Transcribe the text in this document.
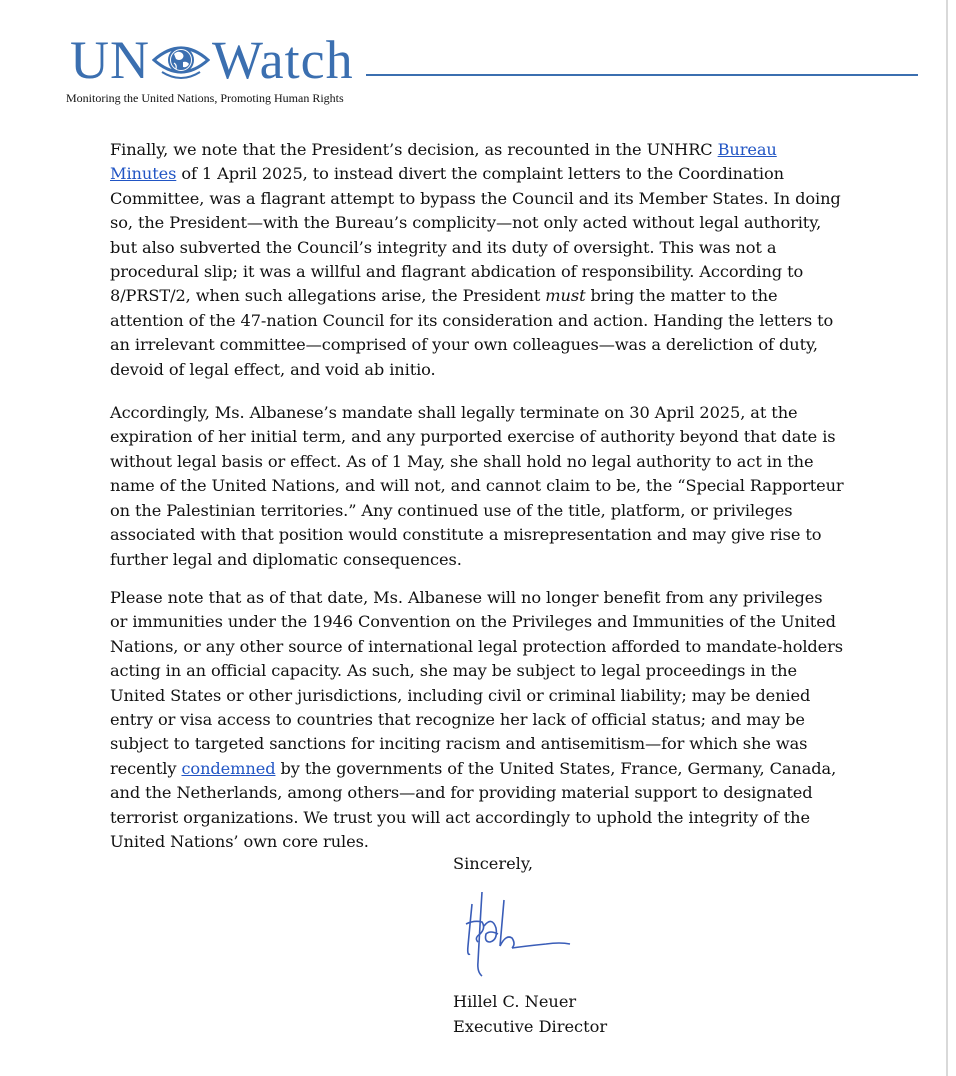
UN Watch
Monitoring the United Nations, Promoting Human Rights

Finally, we note that the President’s decision, as recounted in the UNHRC Bureau Minutes of 1 April 2025, to instead divert the complaint letters to the Coordination Committee, was a flagrant attempt to bypass the Council and its Member States. In doing so, the President—with the Bureau’s complicity—not only acted without legal authority, but also subverted the Council’s integrity and its duty of oversight. This was not a procedural slip; it was a willful and flagrant abdication of responsibility. According to 8/PRST/2, when such allegations arise, the President must bring the matter to the attention of the 47-nation Council for its consideration and action. Handing the letters to an irrelevant committee—comprised of your own colleagues—was a dereliction of duty, devoid of legal effect, and void ab initio.

Accordingly, Ms. Albanese’s mandate shall legally terminate on 30 April 2025, at the expiration of her initial term, and any purported exercise of authority beyond that date is without legal basis or effect. As of 1 May, she shall hold no legal authority to act in the name of the United Nations, and will not, and cannot claim to be, the “Special Rapporteur on the Palestinian territories.” Any continued use of the title, platform, or privileges associated with that position would constitute a misrepresentation and may give rise to further legal and diplomatic consequences.

Please note that as of that date, Ms. Albanese will no longer benefit from any privileges or immunities under the 1946 Convention on the Privileges and Immunities of the United Nations, or any other source of international legal protection afforded to mandate-holders acting in an official capacity. As such, she may be subject to legal proceedings in the United States or other jurisdictions, including civil or criminal liability; may be denied entry or visa access to countries that recognize her lack of official status; and may be subject to targeted sanctions for inciting racism and antisemitism—for which she was recently condemned by the governments of the United States, France, Germany, Canada, and the Netherlands, among others—and for providing material support to designated terrorist organizations. We trust you will act accordingly to uphold the integrity of the United Nations’ own core rules.

Sincerely,
Hillel C. Neuer
Executive Director
